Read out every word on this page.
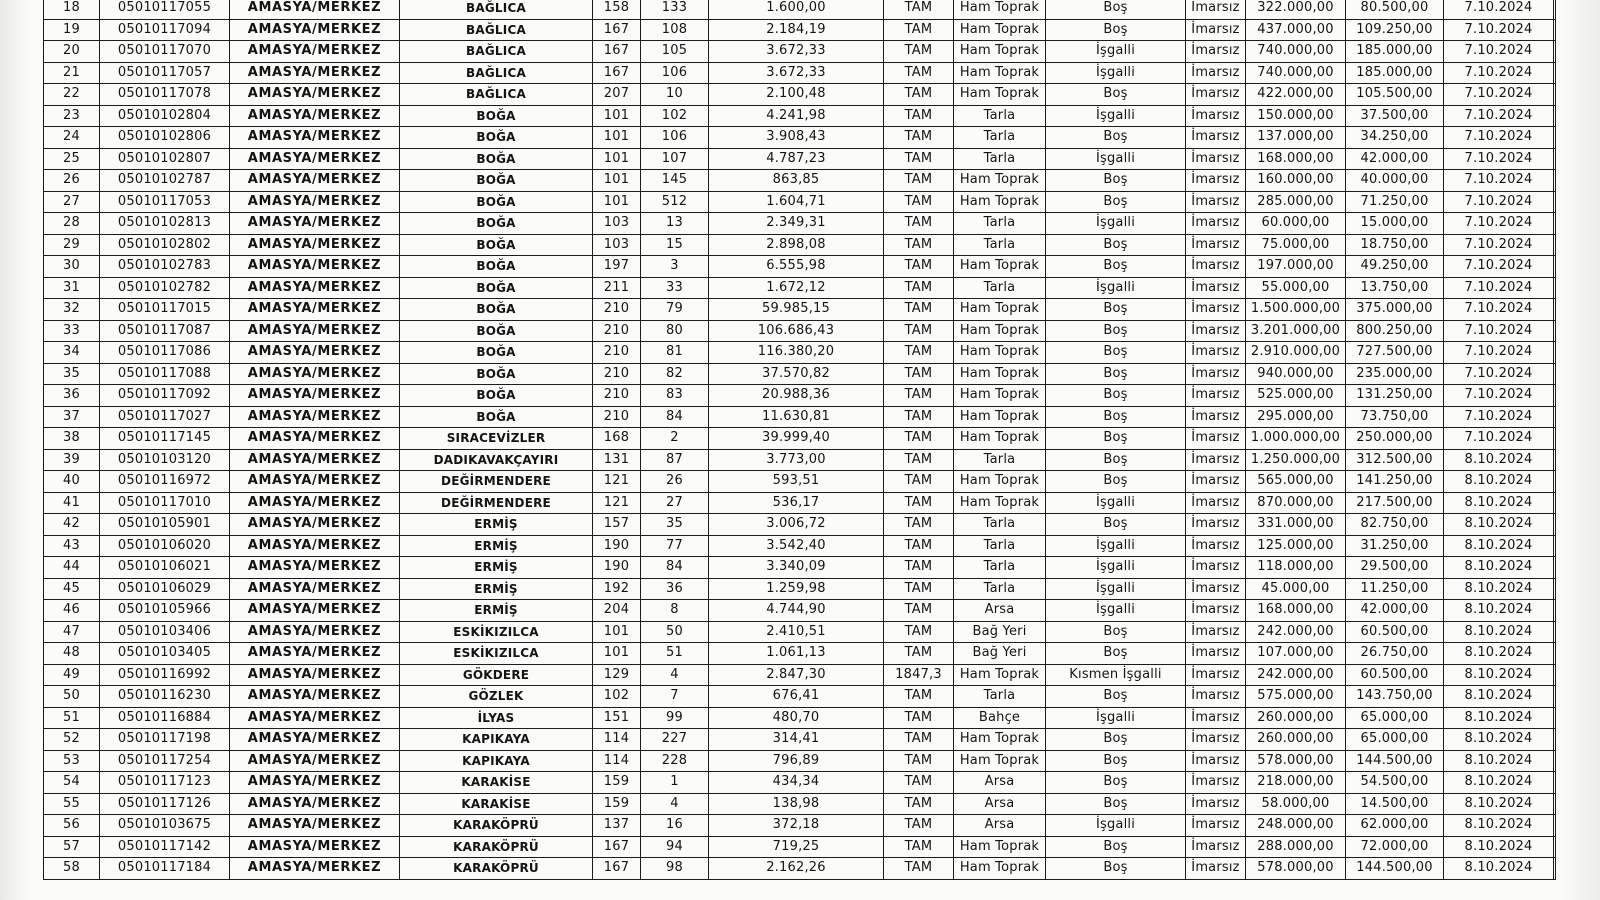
18	05010117055	AMASYA/MERKEZ	BAĞLICA	158	133	1.600,00	TAM	Ham Toprak	Boş	İmarsız	322.000,00	80.500,00	7.10.2024	
19	05010117094	AMASYA/MERKEZ	BAĞLICA	167	108	2.184,19	TAM	Ham Toprak	Boş	İmarsız	437.000,00	109.250,00	7.10.2024	
20	05010117070	AMASYA/MERKEZ	BAĞLICA	167	105	3.672,33	TAM	Ham Toprak	İşgalli	İmarsız	740.000,00	185.000,00	7.10.2024	
21	05010117057	AMASYA/MERKEZ	BAĞLICA	167	106	3.672,33	TAM	Ham Toprak	İşgalli	İmarsız	740.000,00	185.000,00	7.10.2024	
22	05010117078	AMASYA/MERKEZ	BAĞLICA	207	10	2.100,48	TAM	Ham Toprak	Boş	İmarsız	422.000,00	105.500,00	7.10.2024	
23	05010102804	AMASYA/MERKEZ	BOĞA	101	102	4.241,98	TAM	Tarla	İşgalli	İmarsız	150.000,00	37.500,00	7.10.2024	
24	05010102806	AMASYA/MERKEZ	BOĞA	101	106	3.908,43	TAM	Tarla	Boş	İmarsız	137.000,00	34.250,00	7.10.2024	
25	05010102807	AMASYA/MERKEZ	BOĞA	101	107	4.787,23	TAM	Tarla	İşgalli	İmarsız	168.000,00	42.000,00	7.10.2024	
26	05010102787	AMASYA/MERKEZ	BOĞA	101	145	863,85	TAM	Ham Toprak	Boş	İmarsız	160.000,00	40.000,00	7.10.2024	
27	05010117053	AMASYA/MERKEZ	BOĞA	101	512	1.604,71	TAM	Ham Toprak	Boş	İmarsız	285.000,00	71.250,00	7.10.2024	
28	05010102813	AMASYA/MERKEZ	BOĞA	103	13	2.349,31	TAM	Tarla	İşgalli	İmarsız	60.000,00	15.000,00	7.10.2024	
29	05010102802	AMASYA/MERKEZ	BOĞA	103	15	2.898,08	TAM	Tarla	Boş	İmarsız	75.000,00	18.750,00	7.10.2024	
30	05010102783	AMASYA/MERKEZ	BOĞA	197	3	6.555,98	TAM	Ham Toprak	Boş	İmarsız	197.000,00	49.250,00	7.10.2024	
31	05010102782	AMASYA/MERKEZ	BOĞA	211	33	1.672,12	TAM	Tarla	İşgalli	İmarsız	55.000,00	13.750,00	7.10.2024	
32	05010117015	AMASYA/MERKEZ	BOĞA	210	79	59.985,15	TAM	Ham Toprak	Boş	İmarsız	1.500.000,00	375.000,00	7.10.2024	
33	05010117087	AMASYA/MERKEZ	BOĞA	210	80	106.686,43	TAM	Ham Toprak	Boş	İmarsız	3.201.000,00	800.250,00	7.10.2024	
34	05010117086	AMASYA/MERKEZ	BOĞA	210	81	116.380,20	TAM	Ham Toprak	Boş	İmarsız	2.910.000,00	727.500,00	7.10.2024	
35	05010117088	AMASYA/MERKEZ	BOĞA	210	82	37.570,82	TAM	Ham Toprak	Boş	İmarsız	940.000,00	235.000,00	7.10.2024	
36	05010117092	AMASYA/MERKEZ	BOĞA	210	83	20.988,36	TAM	Ham Toprak	Boş	İmarsız	525.000,00	131.250,00	7.10.2024	
37	05010117027	AMASYA/MERKEZ	BOĞA	210	84	11.630,81	TAM	Ham Toprak	Boş	İmarsız	295.000,00	73.750,00	7.10.2024	
38	05010117145	AMASYA/MERKEZ	SIRACEVİZLER	168	2	39.999,40	TAM	Ham Toprak	Boş	İmarsız	1.000.000,00	250.000,00	7.10.2024	
39	05010103120	AMASYA/MERKEZ	DADIKAVAKÇAYIRI	131	87	3.773,00	TAM	Tarla	Boş	İmarsız	1.250.000,00	312.500,00	8.10.2024	
40	05010116972	AMASYA/MERKEZ	DEĞİRMENDERE	121	26	593,51	TAM	Ham Toprak	Boş	İmarsız	565.000,00	141.250,00	8.10.2024	
41	05010117010	AMASYA/MERKEZ	DEĞİRMENDERE	121	27	536,17	TAM	Ham Toprak	İşgalli	İmarsız	870.000,00	217.500,00	8.10.2024	
42	05010105901	AMASYA/MERKEZ	ERMİŞ	157	35	3.006,72	TAM	Tarla	Boş	İmarsız	331.000,00	82.750,00	8.10.2024	
43	05010106020	AMASYA/MERKEZ	ERMİŞ	190	77	3.542,40	TAM	Tarla	İşgalli	İmarsız	125.000,00	31.250,00	8.10.2024	
44	05010106021	AMASYA/MERKEZ	ERMİŞ	190	84	3.340,09	TAM	Tarla	İşgalli	İmarsız	118.000,00	29.500,00	8.10.2024	
45	05010106029	AMASYA/MERKEZ	ERMİŞ	192	36	1.259,98	TAM	Tarla	İşgalli	İmarsız	45.000,00	11.250,00	8.10.2024	
46	05010105966	AMASYA/MERKEZ	ERMİŞ	204	8	4.744,90	TAM	Arsa	İşgalli	İmarsız	168.000,00	42.000,00	8.10.2024	
47	05010103406	AMASYA/MERKEZ	ESKİKIZILCA	101	50	2.410,51	TAM	Bağ Yeri	Boş	İmarsız	242.000,00	60.500,00	8.10.2024	
48	05010103405	AMASYA/MERKEZ	ESKİKIZILCA	101	51	1.061,13	TAM	Bağ Yeri	Boş	İmarsız	107.000,00	26.750,00	8.10.2024	
49	05010116992	AMASYA/MERKEZ	GÖKDERE	129	4	2.847,30	1847,3	Ham Toprak	Kısmen İşgalli	İmarsız	242.000,00	60.500,00	8.10.2024	
50	05010116230	AMASYA/MERKEZ	GÖZLEK	102	7	676,41	TAM	Tarla	Boş	İmarsız	575.000,00	143.750,00	8.10.2024	
51	05010116884	AMASYA/MERKEZ	İLYAS	151	99	480,70	TAM	Bahçe	İşgalli	İmarsız	260.000,00	65.000,00	8.10.2024	
52	05010117198	AMASYA/MERKEZ	KAPIKAYA	114	227	314,41	TAM	Ham Toprak	Boş	İmarsız	260.000,00	65.000,00	8.10.2024	
53	05010117254	AMASYA/MERKEZ	KAPIKAYA	114	228	796,89	TAM	Ham Toprak	Boş	İmarsız	578.000,00	144.500,00	8.10.2024	
54	05010117123	AMASYA/MERKEZ	KARAKİSE	159	1	434,34	TAM	Arsa	Boş	İmarsız	218.000,00	54.500,00	8.10.2024	
55	05010117126	AMASYA/MERKEZ	KARAKİSE	159	4	138,98	TAM	Arsa	Boş	İmarsız	58.000,00	14.500,00	8.10.2024	
56	05010103675	AMASYA/MERKEZ	KARAKÖPRÜ	137	16	372,18	TAM	Arsa	İşgalli	İmarsız	248.000,00	62.000,00	8.10.2024	
57	05010117142	AMASYA/MERKEZ	KARAKÖPRÜ	167	94	719,25	TAM	Ham Toprak	Boş	İmarsız	288.000,00	72.000,00	8.10.2024	
58	05010117184	AMASYA/MERKEZ	KARAKÖPRÜ	167	98	2.162,26	TAM	Ham Toprak	Boş	İmarsız	578.000,00	144.500,00	8.10.2024	
